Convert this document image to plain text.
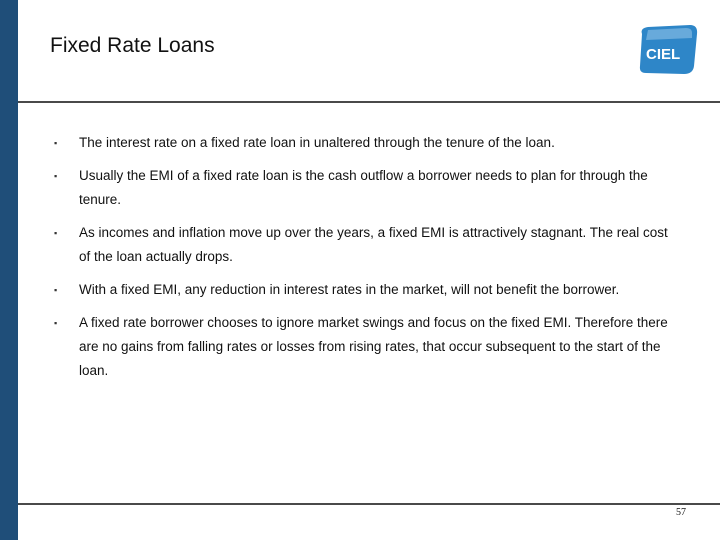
Fixed Rate Loans	CIEL
▪ The interest rate on a fixed rate loan in unaltered through the tenure of the loan.
▪ Usually the EMI of a fixed rate loan is the cash outflow a borrower needs to plan for through the tenure.
▪ As incomes and inflation move up over the years, a fixed EMI is attractively stagnant. The real cost of the loan actually drops.
▪ With a fixed EMI, any reduction in interest rates in the market, will not benefit the borrower.
▪ A fixed rate borrower chooses to ignore market swings and focus on the fixed EMI. Therefore there are no gains from falling rates or losses from rising rates, that occur subsequent to the start of the loan.
57
